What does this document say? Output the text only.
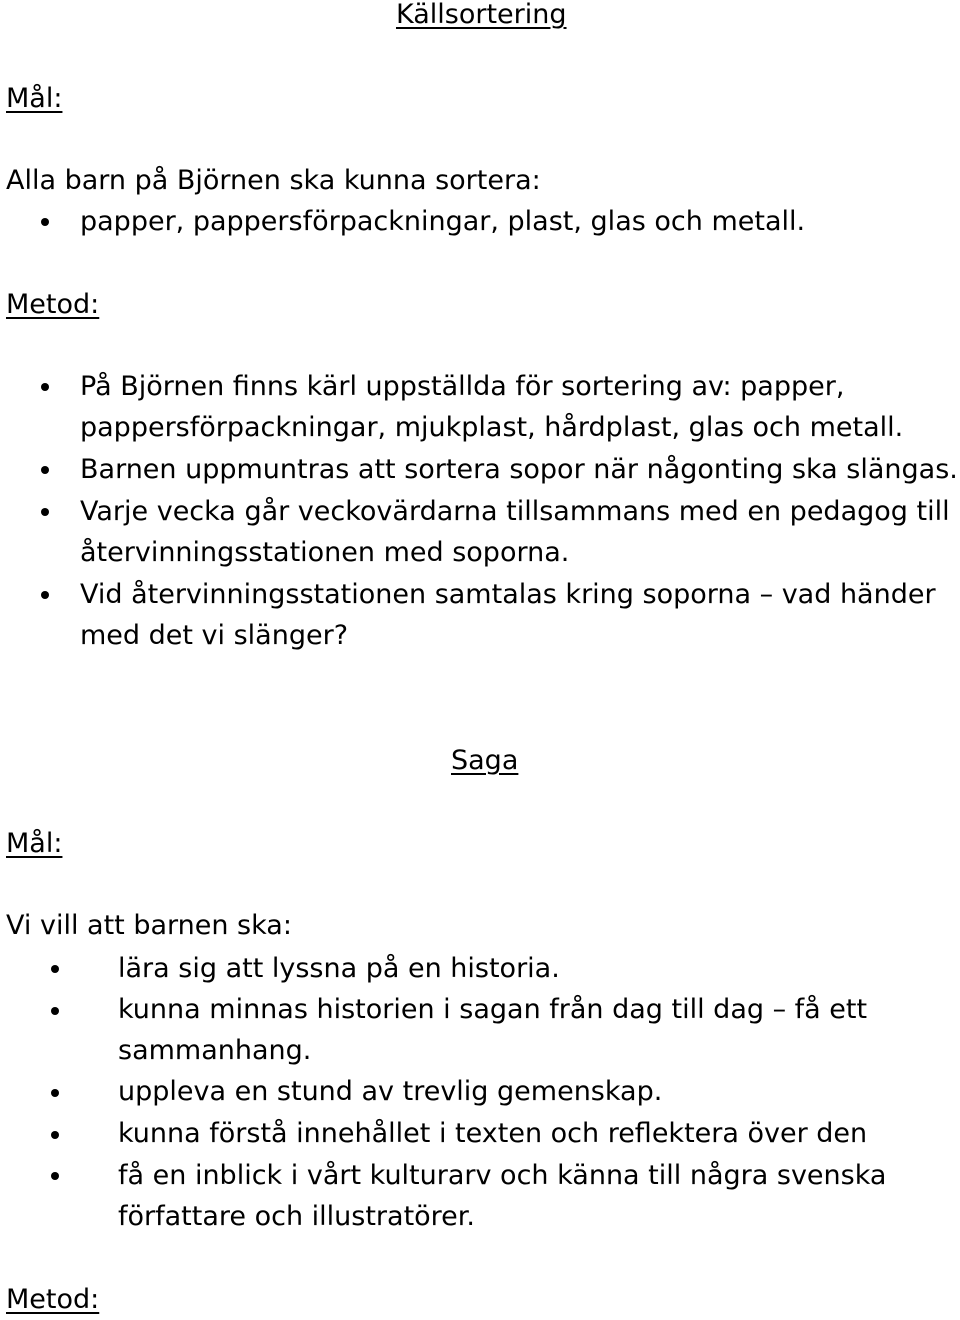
Källsortering
Mål:
Alla barn på Björnen ska kunna sortera:
papper, pappersförpackningar, plast, glas och metall.
Metod:
På Björnen finns kärl uppställda för sortering av: papper,
pappersförpackningar, mjukplast, hårdplast, glas och metall.
Barnen uppmuntras att sortera sopor när någonting ska slängas.
Varje vecka går veckovärdarna tillsammans med en pedagog till
återvinningsstationen med soporna.
Vid återvinningsstationen samtalas kring soporna – vad händer
med det vi slänger?
Saga
Mål:
Vi vill att barnen ska:
lära sig att lyssna på en historia.
kunna minnas historien i sagan från dag till dag – få ett
sammanhang.
uppleva en stund av trevlig gemenskap.
kunna förstå innehållet i texten och reflektera över den
få en inblick i vårt kulturarv och känna till några svenska
författare och illustratörer.
Metod:
